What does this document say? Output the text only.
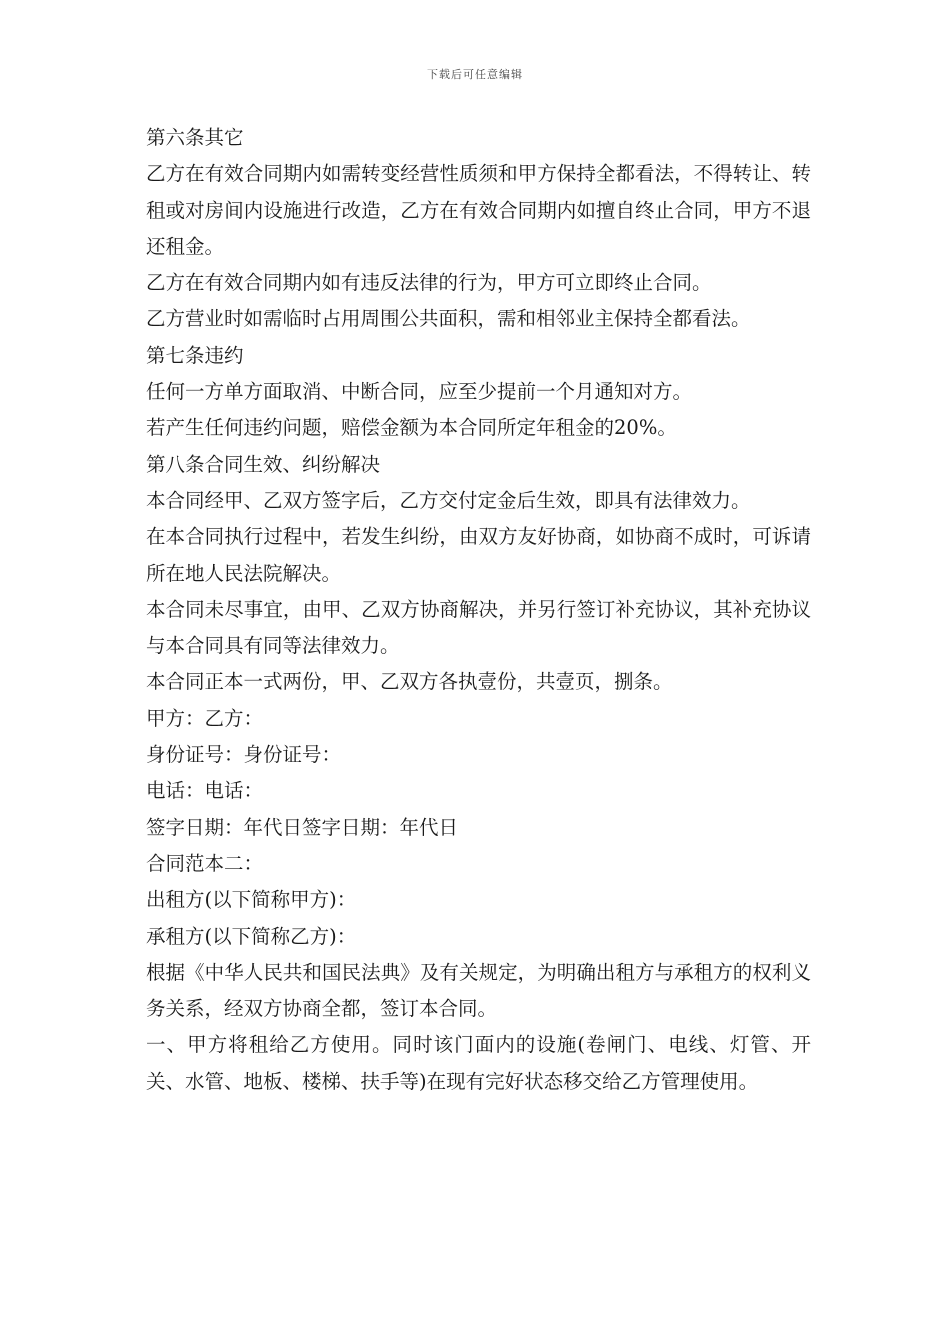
下载后可任意编辑

第六条其它

乙方在有效合同期内如需转变经营性质须和甲方保持全都看法，不得转让、转租或对房间内设施进行改造，乙方在有效合同期内如擅自终止合同，甲方不退还租金。

乙方在有效合同期内如有违反法律的行为，甲方可立即终止合同。

乙方营业时如需临时占用周围公共面积，需和相邻业主保持全都看法。

第七条违约

任何一方单方面取消、中断合同，应至少提前一个月通知对方。

若产生任何违约问题，赔偿金额为本合同所定年租金的20%。

第八条合同生效、纠纷解决

本合同经甲、乙双方签字后，乙方交付定金后生效，即具有法律效力。

在本合同执行过程中，若发生纠纷，由双方友好协商，如协商不成时，可诉请所在地人民法院解决。

本合同未尽事宜，由甲、乙双方协商解决，并另行签订补充协议，其补充协议与本合同具有同等法律效力。

本合同正本一式两份，甲、乙双方各执壹份，共壹页，捌条。

甲方：乙方：

身份证号：身份证号：

电话：电话：

签字日期：年代日签字日期：年代日

合同范本二：

出租方(以下简称甲方)：

承租方(以下简称乙方)：

根据《中华人民共和国民法典》及有关规定，为明确出租方与承租方的权利义务关系，经双方协商全都，签订本合同。

一、甲方将租给乙方使用。同时该门面内的设施(卷闸门、电线、灯管、开关、水管、地板、楼梯、扶手等)在现有完好状态移交给乙方管理使用。
